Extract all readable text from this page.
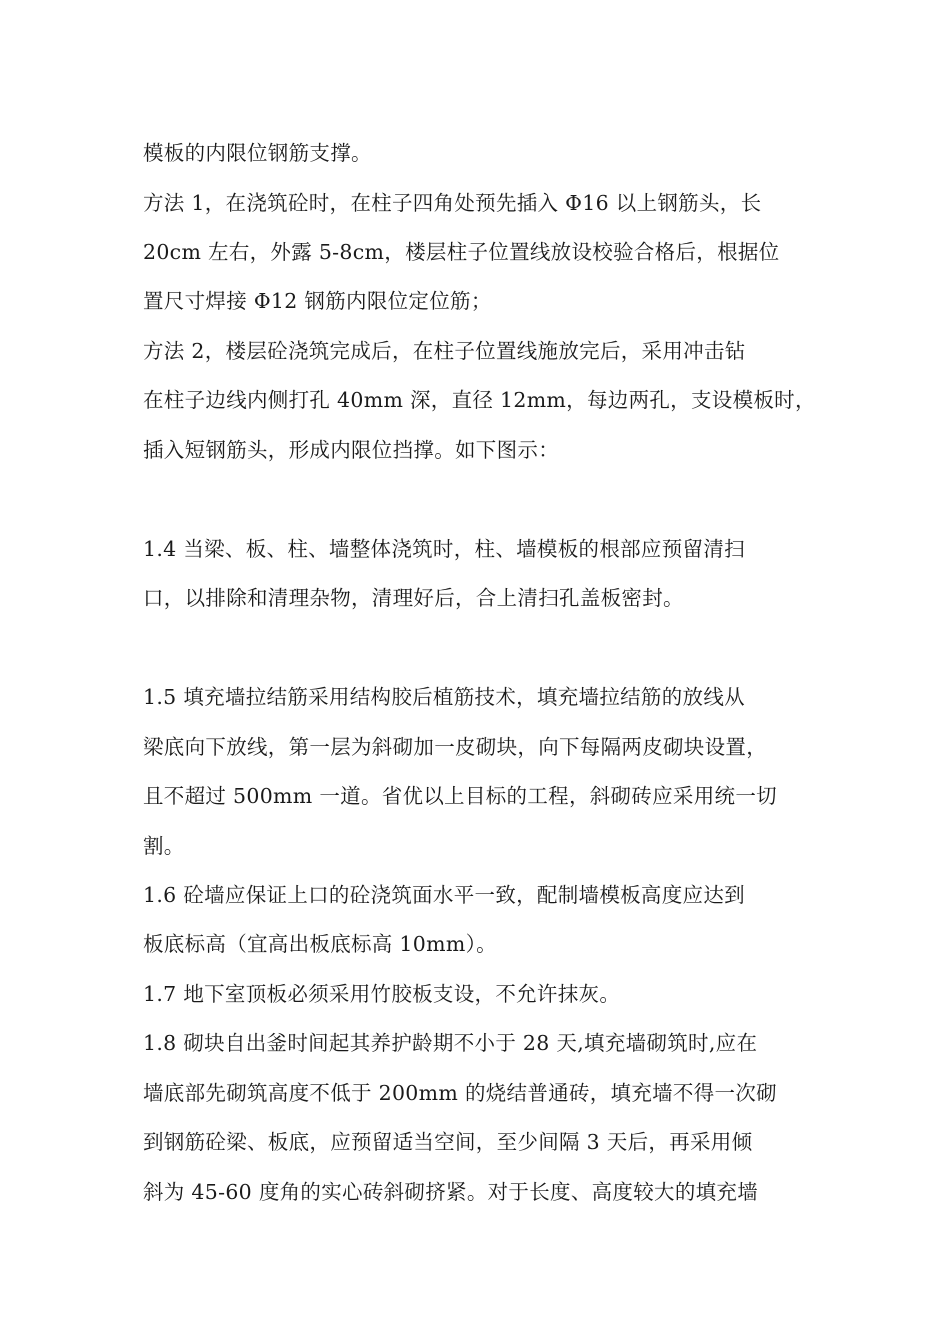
模板的内限位钢筋支撑。
方法 1，在浇筑砼时，在柱子四角处预先插入 Φ16 以上钢筋头，长
20cm 左右，外露 5-8cm，楼层柱子位置线放设校验合格后，根据位
置尺寸焊接 Φ12 钢筋内限位定位筋；
方法 2，楼层砼浇筑完成后，在柱子位置线施放完后，采用冲击钻
在柱子边线内侧打孔 40mm 深，直径 12mm，每边两孔，支设模板时，
插入短钢筋头，形成内限位挡撑。如下图示：
1.4 当梁、板、柱、墙整体浇筑时，柱、墙模板的根部应预留清扫
口，以排除和清理杂物，清理好后，合上清扫孔盖板密封。
1.5 填充墙拉结筋采用结构胶后植筋技术，填充墙拉结筋的放线从
梁底向下放线，第一层为斜砌加一皮砌块，向下每隔两皮砌块设置，
且不超过 500mm 一道。省优以上目标的工程，斜砌砖应采用统一切
割。
1.6 砼墙应保证上口的砼浇筑面水平一致，配制墙模板高度应达到
板底标高（宜高出板底标高 10mm）。
1.7 地下室顶板必须采用竹胶板支设，不允许抹灰。
1.8 砌块自出釜时间起其养护龄期不小于 28 天,填充墙砌筑时,应在
墙底部先砌筑高度不低于 200mm 的烧结普通砖，填充墙不得一次砌
到钢筋砼梁、板底，应预留适当空间，至少间隔 3 天后，再采用倾
斜为 45-60 度角的实心砖斜砌挤紧。对于长度、高度较大的填充墙
